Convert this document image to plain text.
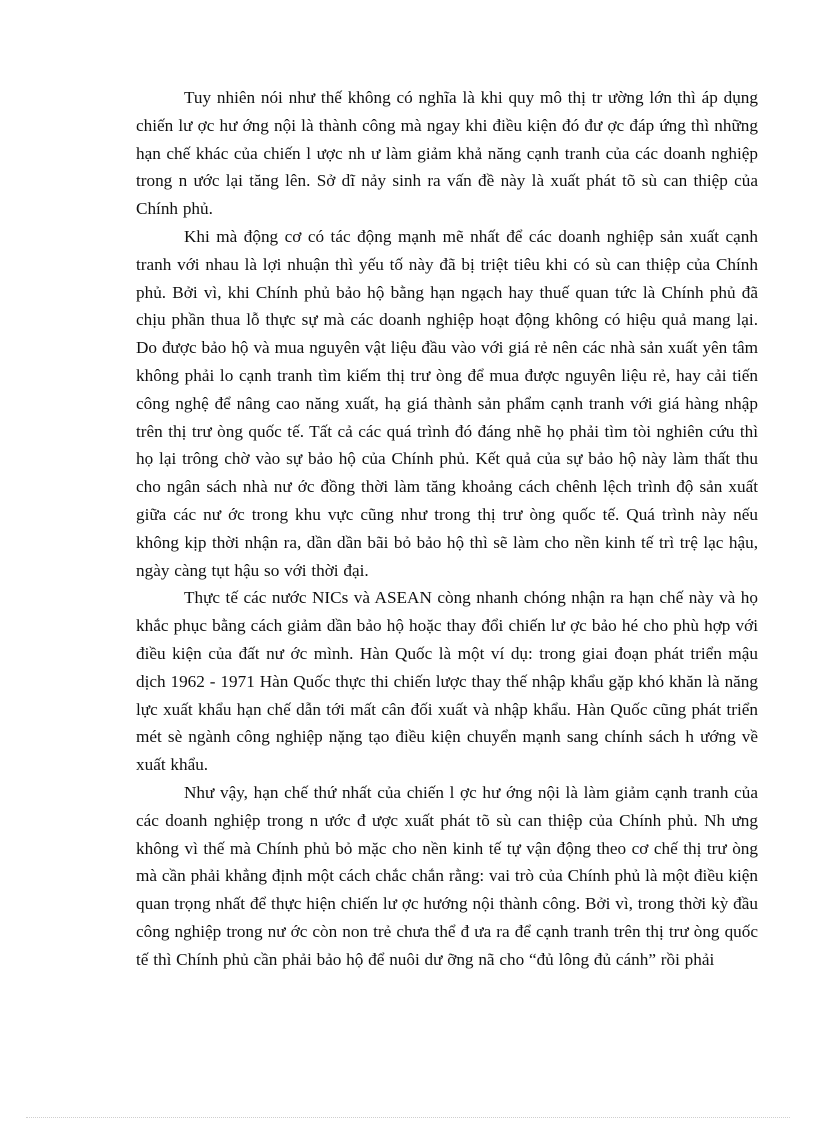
Tuy nhiên nói như thế không có nghĩa là khi quy mô thị tr ường lớn thì áp dụng chiến lư ợc hư ớng nội là thành công mà ngay khi điều kiện đó đư ợc đáp ứng thì những hạn chế khác của chiến l ược nh ư làm giảm khả năng cạnh tranh của các doanh nghiệp trong n ước lại tăng lên. Sở dĩ nảy sinh ra vấn đề này là xuất phát tõ sù can thiệp của Chính phủ.

Khi mà động cơ có tác động mạnh mẽ nhất để các doanh nghiệp sản xuất cạnh tranh với nhau là lợi nhuận thì yếu tố này đã bị triệt tiêu khi có sù can thiệp của Chính phủ. Bởi vì, khi Chính phủ bảo hộ bằng hạn ngạch hay thuế quan tức là Chính phủ đã chịu phần thua lỗ thực sự mà các doanh nghiệp hoạt động không có hiệu quả mang lại. Do được bảo hộ và mua nguyên vật liệu đầu vào với giá rẻ nên các nhà sản xuất yên tâm không phải lo cạnh tranh tìm kiếm thị trư òng để mua được nguyên liệu rẻ, hay cải tiến công nghệ để nâng cao năng xuất, hạ giá thành sản phẩm cạnh tranh với giá hàng nhập trên thị trư òng quốc tế. Tất cả các quá trình đó đáng nhẽ họ phải tìm tòi nghiên cứu thì họ lại trông chờ vào sự bảo hộ của Chính phủ. Kết quả của sự bảo hộ này làm thất thu cho ngân sách nhà nư ớc đồng thời làm tăng khoảng cách chênh lệch trình độ sản xuất giữa các nư ớc trong khu vực cũng như trong thị trư òng quốc tế. Quá trình này nếu không kịp thời nhận ra, dần dần bãi bỏ bảo hộ thì sẽ làm cho nền kinh tế trì trệ lạc hậu, ngày càng tụt hậu so với thời đại.

Thực tế các nước NICs và ASEAN còng nhanh chóng nhận ra hạn chế này và họ khắc phục bằng cách giảm dần bảo hộ hoặc thay đổi chiến lư ợc bảo hé cho phù hợp với điều kiện của đất nư ớc mình. Hàn Quốc là một ví dụ: trong giai đoạn phát triển mậu dịch 1962 - 1971 Hàn Quốc thực thi chiến lược thay thế nhập khẩu gặp khó khăn là năng lực xuất khẩu hạn chế dẫn tới mất cân đối xuất và nhập khẩu. Hàn Quốc cũng phát triển mét sè ngành công nghiệp nặng tạo điều kiện chuyển mạnh sang chính sách h ướng về xuất khẩu.

Như vậy, hạn chế thứ nhất của chiến l ợc hư ớng nội là làm giảm cạnh tranh của các doanh nghiệp trong n ước đ ược xuất phát tõ sù can thiệp của Chính phủ. Nh ưng không vì thế mà Chính phủ bỏ mặc cho nền kinh tế tự vận động theo cơ chế thị trư òng mà cần phải khẳng định một cách chắc chắn rằng: vai trò của Chính phủ là một điều kiện quan trọng nhất để thực hiện chiến lư ợc hướng nội thành công. Bởi vì, trong thời kỳ đầu công nghiệp trong nư ớc còn non trẻ chưa thể đ ưa ra để cạnh tranh trên thị trư òng quốc tế thì Chính phủ cần phải bảo hộ để nuôi dư ỡng nã cho “đủ lông đủ cánh” rồi phải
